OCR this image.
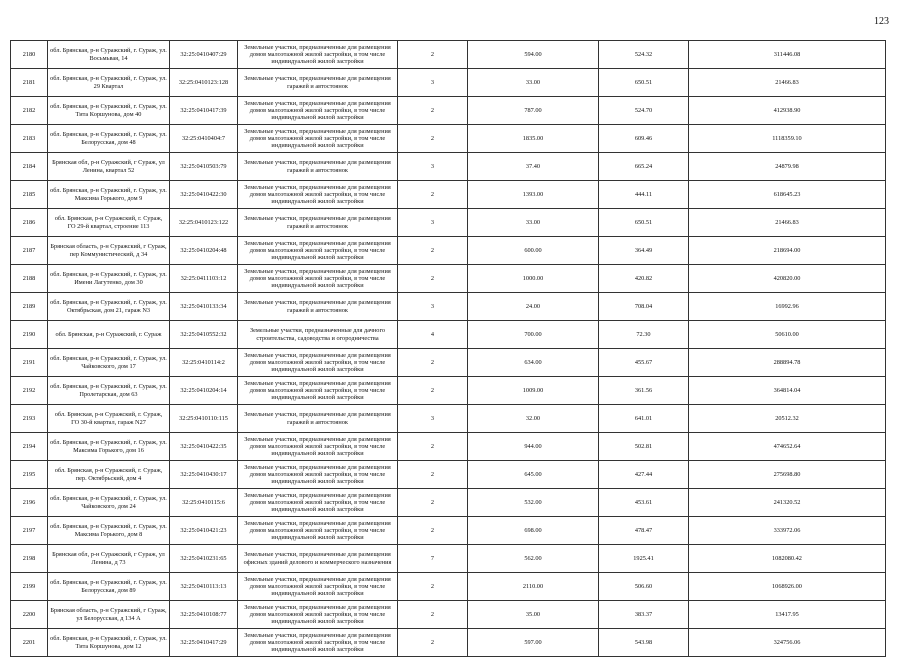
123
2180	обл. Брянская, р-н Суражский, г. Сураж, ул. Восьмьвая, 14	32:25:0410407:29	Земельные участки, предназначенные для размещения домов малоэтажной жилой застройки, в том числе индивидуальной жилой застройки	2	594.00	524.32	311446.08
2181	обл. Брянская, р-н Суражский, г. Сураж, ул. 29 Квартал	32:25:0410123:128	Земельные участки, предназначенные для размещения гаражей и автостоянок	3	33.00	650.51	21466.83
2182	обл. Брянская, р-н Суражский, г. Сураж, ул. Тита Коршунова, дом 40	32:25:0410417:39	Земельные участки, предназначенные для размещения домов малоэтажной жилой застройки, в том числе индивидуальной жилой застройки	2	787.00	524.70	412938.90
2183	обл. Брянская, р-н Суражский, г. Сураж, ул. Белорусская, дом 48	32:25:0410404:7	Земельные участки, предназначенные для размещения домов малоэтажной жилой застройки, в том числе индивидуальной жилой застройки	2	1835.00	609.46	1118359.10
2184	Брянская обл, р-н Суражский, г Сураж, ул Ленина, квартал 52	32:25:0410503:79	Земельные участки, предназначенные для размещения гаражей и автостоянок	3	37.40	665.24	24879.98
2185	обл. Брянская, р-н Суражский, г. Сураж, ул. Максима Горького, дом 9	32:25:0410422:30	Земельные участки, предназначенные для размещения домов малоэтажной жилой застройки, в том числе индивидуальной жилой застройки	2	1393.00	444.11	618645.23
2186	обл. Брянская, р-н Суражский, г. Сураж, ГО 29-й квартал, строение 113	32:25:0410123:122	Земельные участки, предназначенные для размещения гаражей и автостоянок	3	33.00	650.51	21466.83
2187	Брянская область, р-н Суражский, г Сураж, пер Коммунистический, д 34	32:25:0410204:48	Земельные участки, предназначенные для размещения домов малоэтажной жилой застройки, в том числе индивидуальной жилой застройки	2	600.00	364.49	218694.00
2188	обл. Брянская, р-н Суражский, г. Сураж, ул. Имени Лагутенко, дом 30	32:25:0411103:12	Земельные участки, предназначенные для размещения домов малоэтажной жилой застройки, в том числе индивидуальной жилой застройки	2	1000.00	420.82	420820.00
2189	обл. Брянская, р-н Суражский, г. Сураж, ул. Октябрьская, дом 21, гараж N3	32:25:0410133:34	Земельные участки, предназначенные для размещения гаражей и автостоянок	3	24.00	708.04	16992.96
2190	обл. Брянская, р-н Суражский, г. Сураж	32:25:0410552:32	Земельные участки, предназначенные для дачного строительства, садоводства и огородничества	4	700.00	72.30	50610.00
2191	обл. Брянская, р-н Суражский, г. Сураж, ул. Чайковского, дом 17	32:25:0410114:2	Земельные участки, предназначенные для размещения домов малоэтажной жилой застройки, в том числе индивидуальной жилой застройки	2	634.00	455.67	288894.78
2192	обл. Брянская, р-н Суражский, г. Сураж, ул. Пролетарская, дом 63	32:25:0410204:14	Земельные участки, предназначенные для размещения домов малоэтажной жилой застройки, в том числе индивидуальной жилой застройки	2	1009.00	361.56	364814.04
2193	обл. Брянская, р-н Суражский, г. Сураж, ГО 30-й квартал, гараж N27	32:25:0410110:115	Земельные участки, предназначенные для размещения гаражей и автостоянок	3	32.00	641.01	20512.32
2194	обл. Брянская, р-н Суражский, г. Сураж, ул. Максима Горького, дом 16	32:25:0410422:35	Земельные участки, предназначенные для размещения домов малоэтажной жилой застройки, в том числе индивидуальной жилой застройки	2	944.00	502.81	474652.64
2195	обл. Брянская, р-н Суражский, г. Сураж, пер. Октябрьский, дом 4	32:25:0410430:17	Земельные участки, предназначенные для размещения домов малоэтажной жилой застройки, в том числе индивидуальной жилой застройки	2	645.00	427.44	275698.80
2196	обл. Брянская, р-н Суражский, г. Сураж, ул. Чайковского, дом 24	32:25:0410115:6	Земельные участки, предназначенные для размещения домов малоэтажной жилой застройки, в том числе индивидуальной жилой застройки	2	532.00	453.61	241320.52
2197	обл. Брянская, р-н Суражский, г. Сураж, ул. Максима Горького, дом 8	32:25:0410421:23	Земельные участки, предназначенные для размещения домов малоэтажной жилой застройки, в том числе индивидуальной жилой застройки	2	698.00	478.47	333972.06
2198	Брянская обл, р-н Суражский, г Сураж, ул Ленина, д 73	32:25:0410231:65	Земельные участки, предназначенные для размещения офисных зданий делового и коммерческого назначения	7	562.00	1925.41	1082080.42
2199	обл. Брянская, р-н Суражский, г. Сураж, ул. Белорусская, дом 89	32:25:0410113:13	Земельные участки, предназначенные для размещения домов малоэтажной жилой застройки, в том числе индивидуальной жилой застройки	2	2110.00	506.60	1068926.00
2200	Брянская область, р-н Суражский, г Сураж, ул Белорусская, д 134 А	32:25:0410108:77	Земельные участки, предназначенные для размещения домов малоэтажной жилой застройки, в том числе индивидуальной жилой застройки	2	35.00	383.37	13417.95
2201	обл. Брянская, р-н Суражский, г. Сураж, ул. Тита Коршунова, дом 12	32:25:0410417:29	Земельные участки, предназначенные для размещения домов малоэтажной жилой застройки, в том числе индивидуальной жилой застройки	2	597.00	543.98	324756.06
